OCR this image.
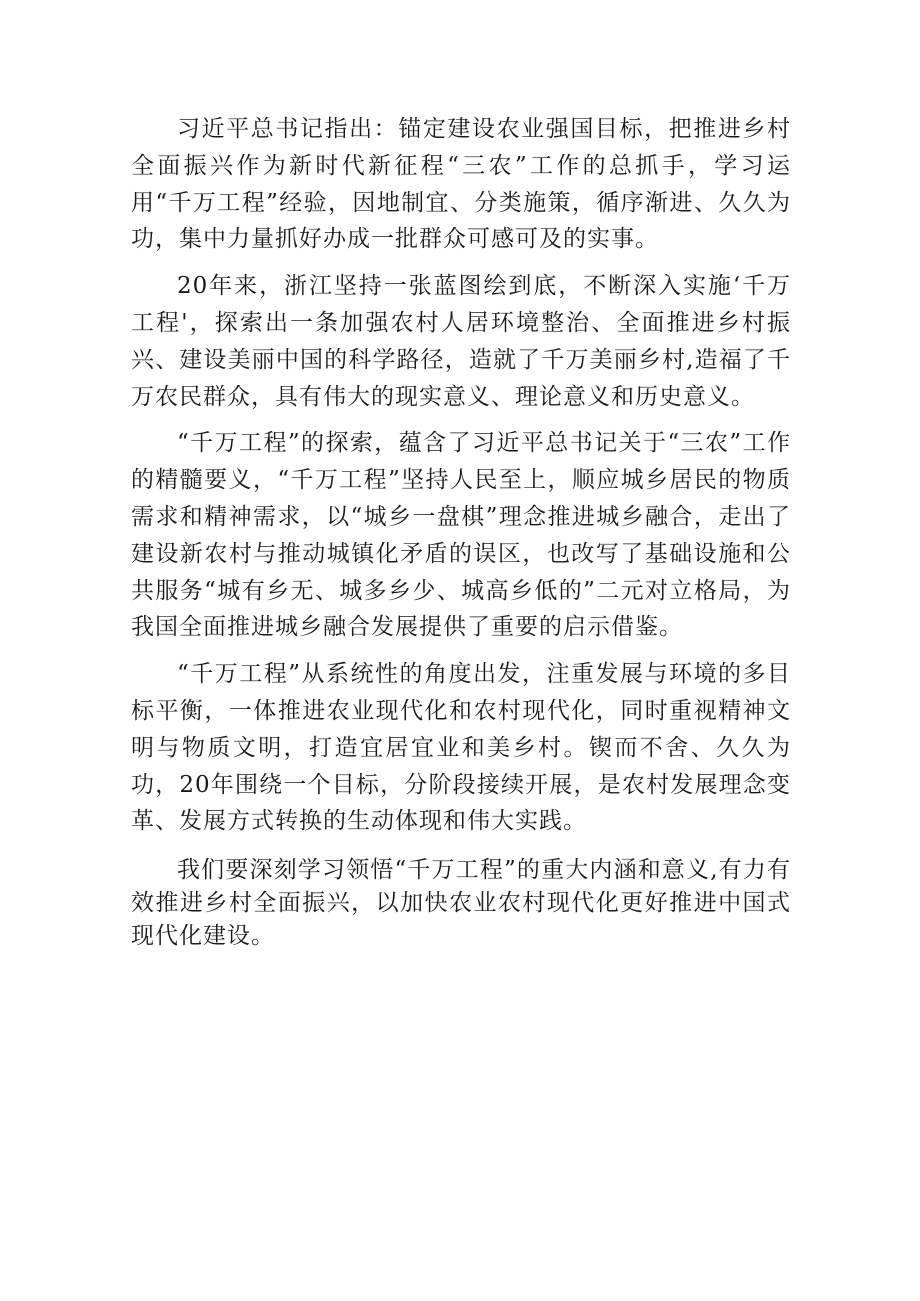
习近平总书记指出：锚定建设农业强国目标，把推进乡村全面振兴作为新时代新征程“三农”工作的总抓手，学习运用“千万工程”经验，因地制宜、分类施策，循序渐进、久久为功，集中力量抓好办成一批群众可感可及的实事。

20年来，浙江坚持一张蓝图绘到底，不断深入实施‘千万工程'，探索出一条加强农村人居环境整治、全面推进乡村振兴、建设美丽中国的科学路径，造就了千万美丽乡村,造福了千万农民群众，具有伟大的现实意义、理论意义和历史意义。

“千万工程”的探索，蕴含了习近平总书记关于“三农”工作的精髓要义，“千万工程”坚持人民至上，顺应城乡居民的物质需求和精神需求，以“城乡一盘棋”理念推进城乡融合，走出了建设新农村与推动城镇化矛盾的误区，也改写了基础设施和公共服务“城有乡无、城多乡少、城高乡低的”二元对立格局，为我国全面推进城乡融合发展提供了重要的启示借鉴。

“千万工程”从系统性的角度出发，注重发展与环境的多目标平衡，一体推进农业现代化和农村现代化，同时重视精神文明与物质文明，打造宜居宜业和美乡村。锲而不舍、久久为功，20年围绕一个目标，分阶段接续开展，是农村发展理念变革、发展方式转换的生动体现和伟大实践。

我们要深刻学习领悟“千万工程”的重大内涵和意义,有力有效推进乡村全面振兴，以加快农业农村现代化更好推进中国式现代化建设。
